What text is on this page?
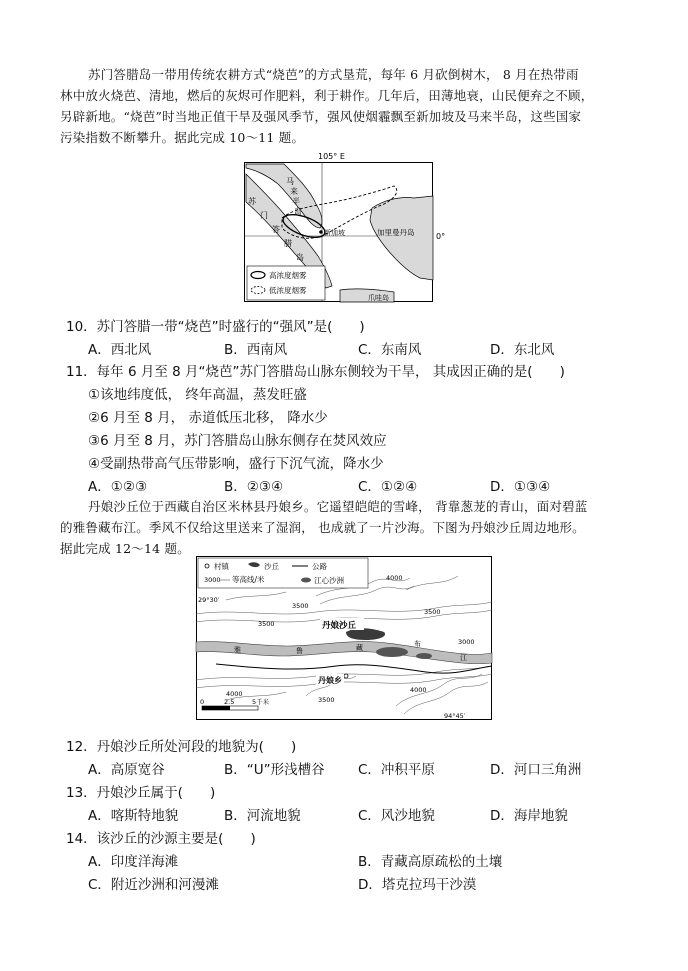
苏门答腊岛一带用传统农耕方式“烧芭”的方式垦荒，每年 6 月砍倒树木， 8 月在热带雨
林中放火烧芭、清地，燃后的灰烬可作肥料，利于耕作。几年后，田薄地衰，山民便弃之不顾，
另辟新地。“烧芭”时当地正值干旱及强风季节，强风使烟霾飘至新加坡及马来半岛，这些国家
污染指数不断攀升。据此完成 10～11 题。
105° E
0°
马
来
半
岛
苏
门
答
腊
岛
新加坡	加里曼丹岛
爪哇岛
高浓度烟雾
低浓度烟雾
10．苏门答腊一带“烧芭”时盛行的“强风”是(　　)
A．西北风	B．西南风	C．东南风	D．东北风
11．每年 6 月至 8 月“烧芭”苏门答腊岛山脉东侧较为干旱， 其成因正确的是(　　)
①该地纬度低， 终年高温，蒸发旺盛
②6 月至 8 月， 赤道低压北移， 降水少
③6 月至 8 月，苏门答腊岛山脉东侧存在焚风效应
④受副热带高气压带影响，盛行下沉气流，降水少
A．①②③	B．②③④	C．①②④	D．①③④
丹娘沙丘位于西藏自治区米林县丹娘乡。它遥望皑皑的雪峰， 背靠葱茏的青山，面对碧蓝
的雅鲁藏布江。季风不仅给这里送来了湿润， 也成就了一片沙海。下图为丹娘沙丘周边地形。
据此完成 12～14 题。
村镇	沙丘	公路
3000 等高线/米	江心沙洲
29°30′
94°45′
3500
4000
3500
3500
4000
3500
4000
3000
丹娘沙丘
丹娘乡
雅	鲁	藏	布
江
0	2.5	5千米
12．丹娘沙丘所处河段的地貌为(　　)
A．高原宽谷	B．“U”形浅槽谷 C．冲积平原	D．河口三角洲
13．丹娘沙丘属于(　　)
A．喀斯特地貌	B．河流地貌	C．风沙地貌	D．海岸地貌
14．该沙丘的沙源主要是(　　)
A．印度洋海滩	B．青藏高原疏松的土壤
C．附近沙洲和河漫滩	D．塔克拉玛干沙漠
